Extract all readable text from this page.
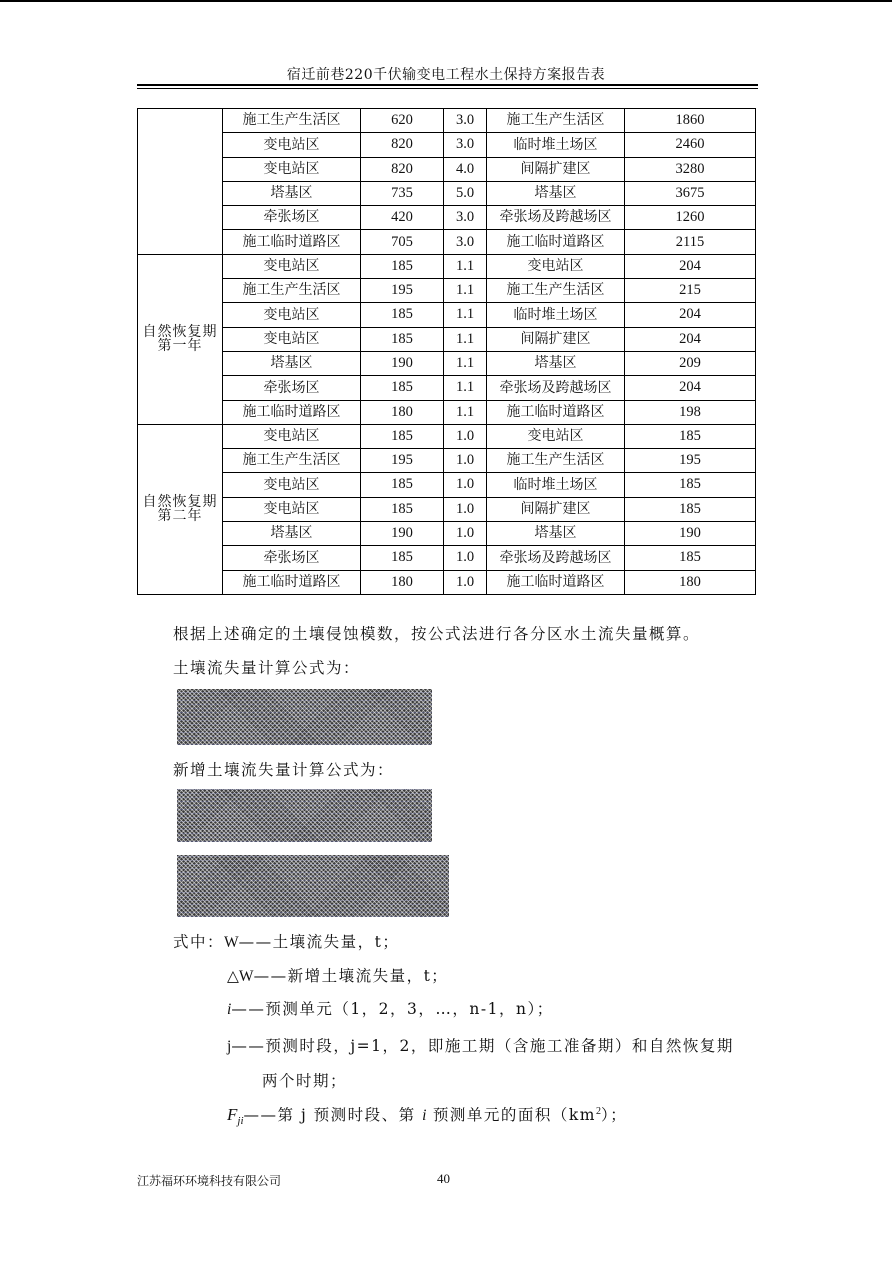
宿迁前巷220千伏输变电工程水土保持方案报告表
	施工生产生活区	620	3.0	施工生产生活区	1860
	变电站区	820	3.0	临时堆土场区	2460
	变电站区	820	4.0	间隔扩建区	3280
	塔基区	735	5.0	塔基区	3675
	牵张场区	420	3.0	牵张场及跨越场区	1260
	施工临时道路区	705	3.0	施工临时道路区	2115
自然恢复期
第一年	变电站区	185	1.1	变电站区	204
	施工生产生活区	195	1.1	施工生产生活区	215
	变电站区	185	1.1	临时堆土场区	204
	变电站区	185	1.1	间隔扩建区	204
	塔基区	190	1.1	塔基区	209
	牵张场区	185	1.1	牵张场及跨越场区	204
	施工临时道路区	180	1.1	施工临时道路区	198
自然恢复期
第二年	变电站区	185	1.0	变电站区	185
	施工生产生活区	195	1.0	施工生产生活区	195
	变电站区	185	1.0	临时堆土场区	185
	变电站区	185	1.0	间隔扩建区	185
	塔基区	190	1.0	塔基区	190
	牵张场区	185	1.0	牵张场及跨越场区	185
	施工临时道路区	180	1.0	施工临时道路区	180
根据上述确定的土壤侵蚀模数，按公式法进行各分区水土流失量概算。
土壤流失量计算公式为：
新增土壤流失量计算公式为：
式中：W——土壤流失量，t；
△W——新增土壤流失量，t；
i——预测单元（1，2，3，…，n-1，n）；
j——预测时段，j=1，2，即施工期（含施工准备期）和自然恢复期
两个时期；
$F_{ji}——$第 j 预测时段、第 i 预测单元的面积$(km^2)$；
江苏福环环境科技有限公司	40
